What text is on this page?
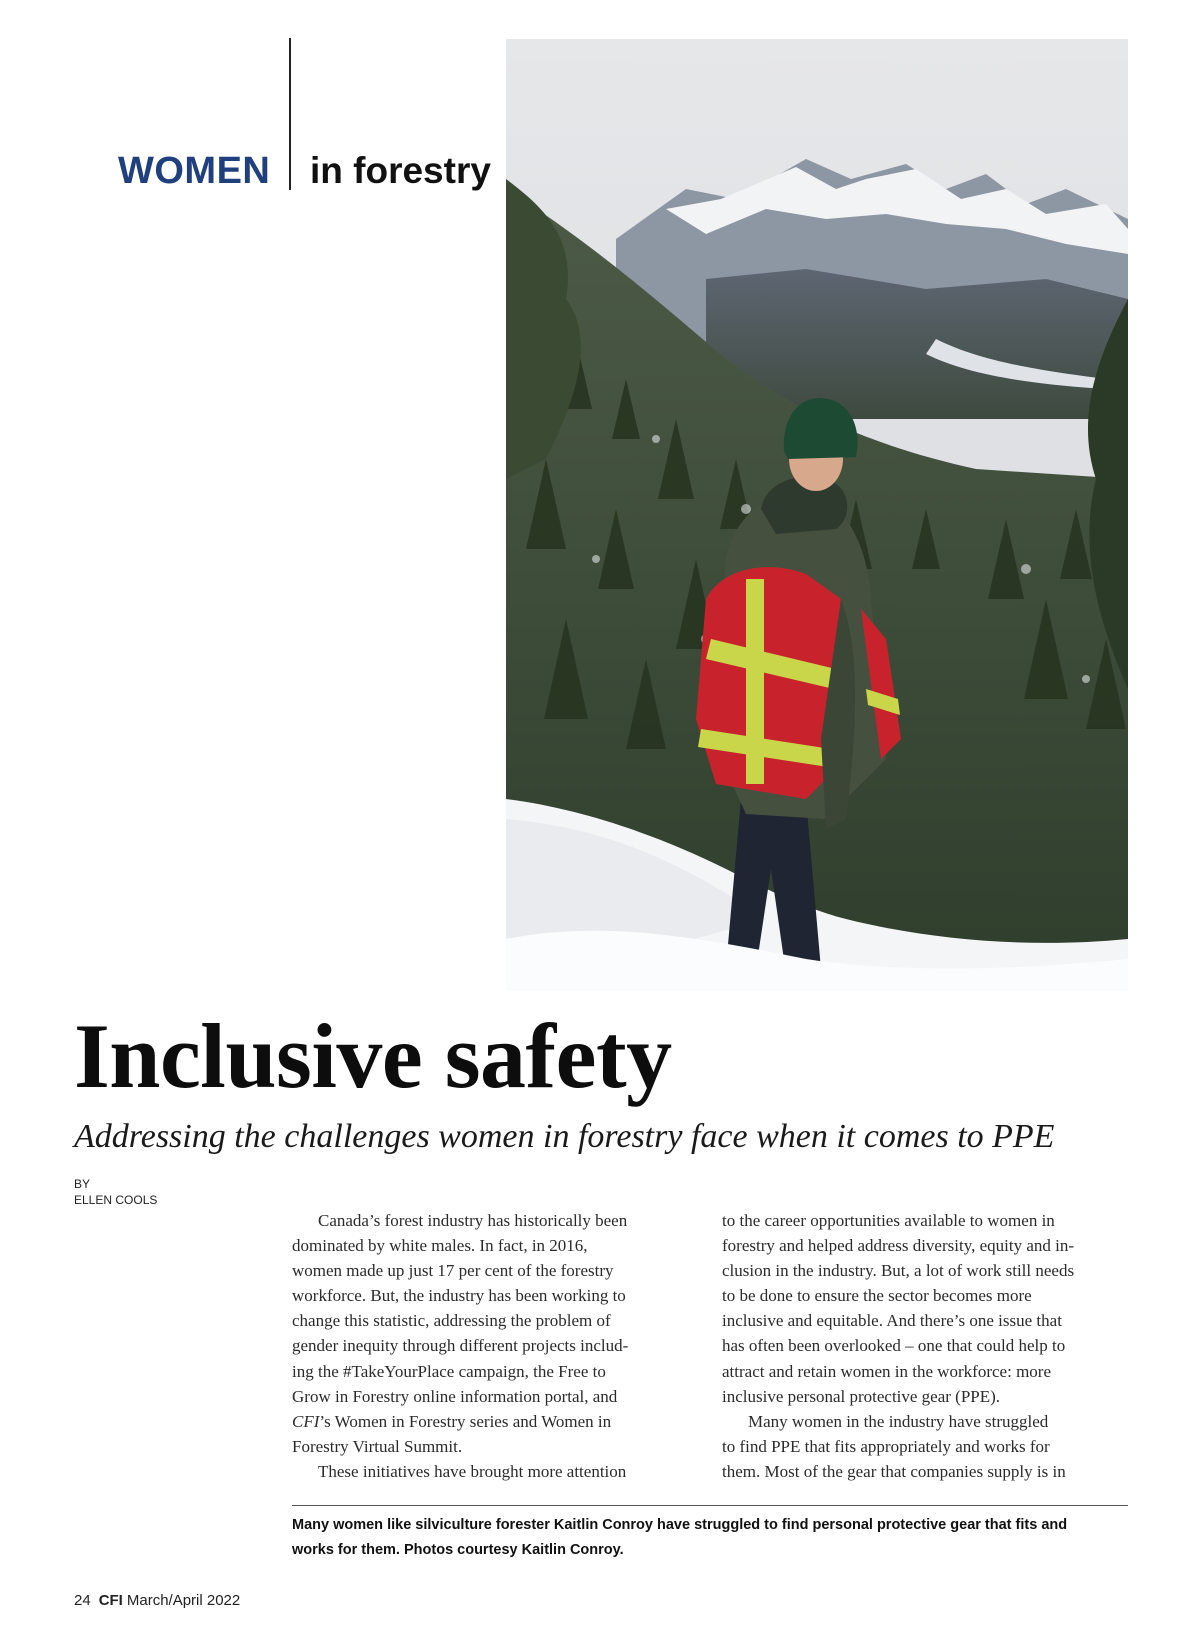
WOMEN in forestry
Inclusive safety

Addressing the challenges women in forestry face when it comes to PPE

BY
ELLEN COOLS
Canada’s forest industry has historically been
dominated by white males. In fact, in 2016,
women made up just 17 per cent of the forestry
workforce. But, the industry has been working to
change this statistic, addressing the problem of
gender inequity through different projects includ-
ing the #TakeYourPlace campaign, the Free to
Grow in Forestry online information portal, and
CFI’s Women in Forestry series and Women in
Forestry Virtual Summit.
These initiatives have brought more attention
to the career opportunities available to women in
forestry and helped address diversity, equity and in-
clusion in the industry. But, a lot of work still needs
to be done to ensure the sector becomes more
inclusive and equitable. And there’s one issue that
has often been overlooked – one that could help to
attract and retain women in the workforce: more
inclusive personal protective gear (PPE).
Many women in the industry have struggled
to find PPE that fits appropriately and works for
them. Most of the gear that companies supply is in
Many women like silviculture forester Kaitlin Conroy have struggled to find personal protective gear that fits and
works for them. Photos courtesy Kaitlin Conroy.
24 CFI March/April 2022
